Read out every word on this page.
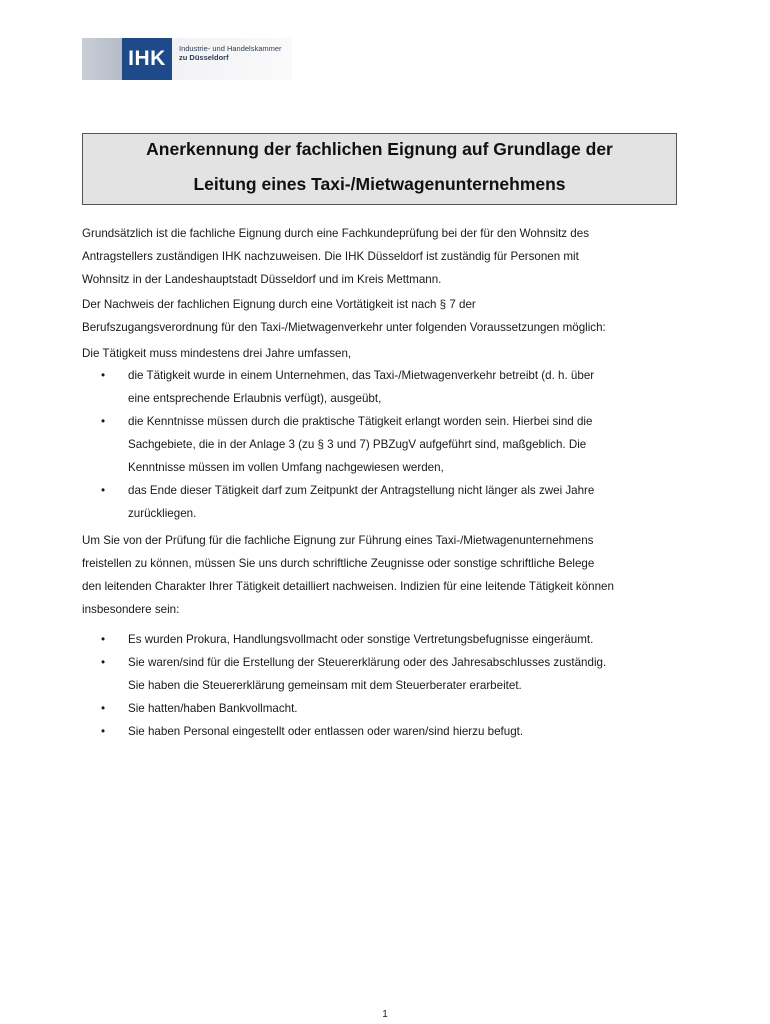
IHK	Industrie- und Handelskammer
zu Düsseldorf
Anerkennung der fachlichen Eignung auf Grundlage der
Leitung eines Taxi-/Mietwagenunternehmens
Grundsätzlich ist die fachliche Eignung durch eine Fachkundeprüfung bei der für den Wohnsitz des
Antragstellers zuständigen IHK nachzuweisen. Die IHK Düsseldorf ist zuständig für Personen mit
Wohnsitz in der Landeshauptstadt Düsseldorf und im Kreis Mettmann.
Der Nachweis der fachlichen Eignung durch eine Vortätigkeit ist nach § 7 der
Berufszugangsverordnung für den Taxi-/Mietwagenverkehr unter folgenden Voraussetzungen möglich:
Die Tätigkeit muss mindestens drei Jahre umfassen,
• die Tätigkeit wurde in einem Unternehmen, das Taxi-/Mietwagenverkehr betreibt (d. h. über
eine entsprechende Erlaubnis verfügt), ausgeübt,
• die Kenntnisse müssen durch die praktische Tätigkeit erlangt worden sein. Hierbei sind die
Sachgebiete, die in der Anlage 3 (zu § 3 und 7) PBZugV aufgeführt sind, maßgeblich. Die
Kenntnisse müssen im vollen Umfang nachgewiesen werden,
• das Ende dieser Tätigkeit darf zum Zeitpunkt der Antragstellung nicht länger als zwei Jahre
zurückliegen.
Um Sie von der Prüfung für die fachliche Eignung zur Führung eines Taxi-/Mietwagenunternehmens
freistellen zu können, müssen Sie uns durch schriftliche Zeugnisse oder sonstige schriftliche Belege
den leitenden Charakter Ihrer Tätigkeit detailliert nachweisen. Indizien für eine leitende Tätigkeit können
insbesondere sein:
• Es wurden Prokura, Handlungsvollmacht oder sonstige Vertretungsbefugnisse eingeräumt.
• Sie waren/sind für die Erstellung der Steuererklärung oder des Jahresabschlusses zuständig.
Sie haben die Steuererklärung gemeinsam mit dem Steuerberater erarbeitet.
• Sie hatten/haben Bankvollmacht.
• Sie haben Personal eingestellt oder entlassen oder waren/sind hierzu befugt.
1
